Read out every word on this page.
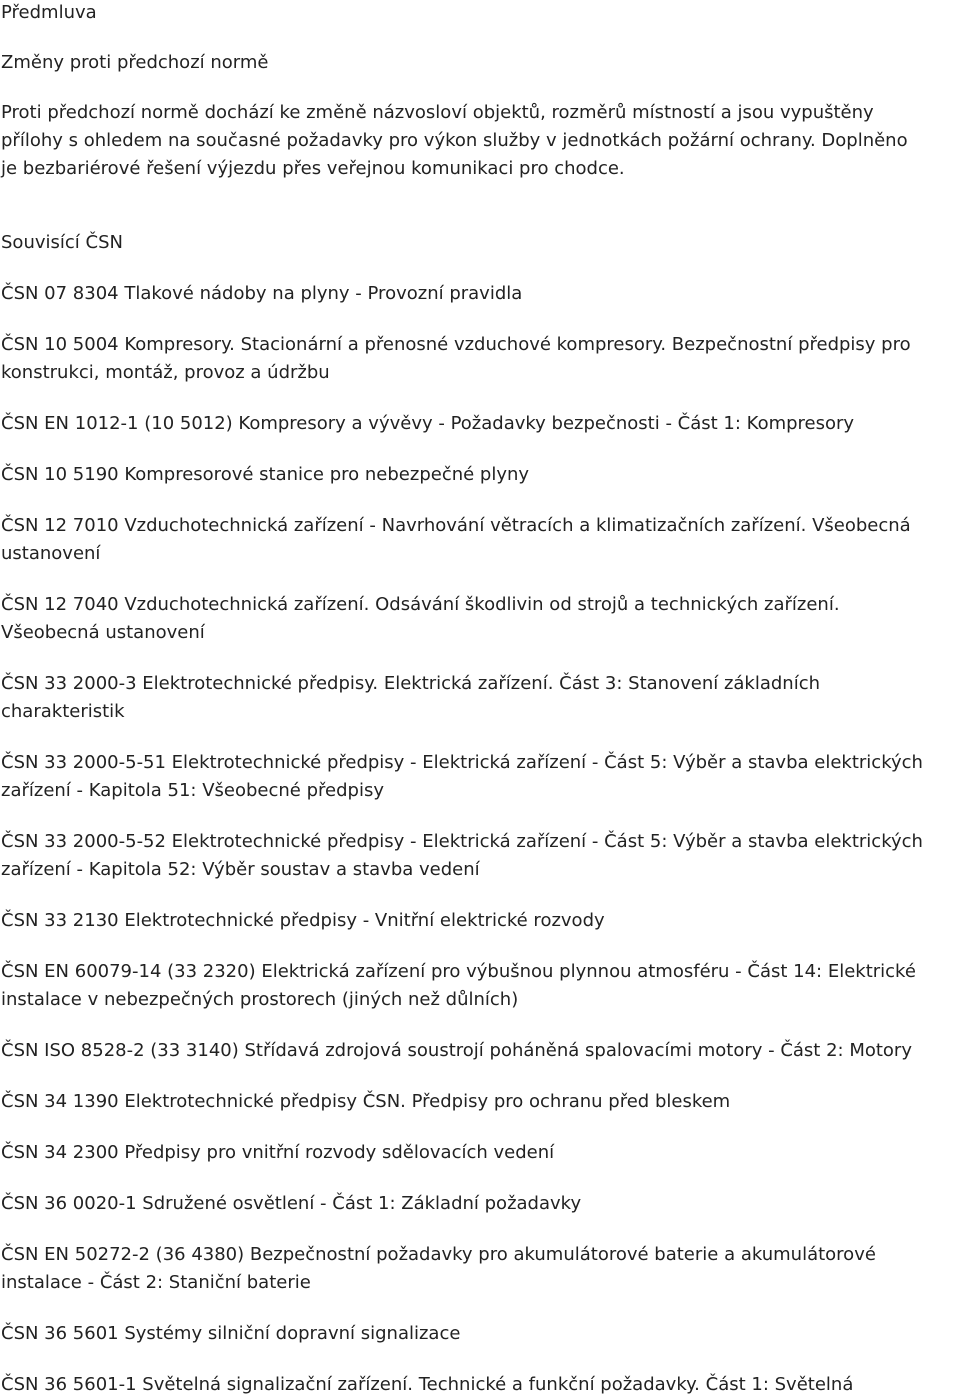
Předmluva
Změny proti předchozí normě
Proti předchozí normě dochází ke změně názvosloví objektů, rozměrů místností a jsou vypuštěny
přílohy s ohledem na současné požadavky pro výkon služby v jednotkách požární ochrany. Doplněno
je bezbariérové řešení výjezdu přes veřejnou komunikaci pro chodce.
Souvisící ČSN
ČSN 07 8304 Tlakové nádoby na plyny - Provozní pravidla
ČSN 10 5004 Kompresory. Stacionární a přenosné vzduchové kompresory. Bezpečnostní předpisy pro
konstrukci, montáž, provoz a údržbu
ČSN EN 1012-1 (10 5012) Kompresory a vývěvy - Požadavky bezpečnosti - Část 1: Kompresory
ČSN 10 5190 Kompresorové stanice pro nebezpečné plyny
ČSN 12 7010 Vzduchotechnická zařízení - Navrhování větracích a klimatizačních zařízení. Všeobecná
ustanovení
ČSN 12 7040 Vzduchotechnická zařízení. Odsávání škodlivin od strojů a technických zařízení.
Všeobecná ustanovení
ČSN 33 2000-3 Elektrotechnické předpisy. Elektrická zařízení. Část 3: Stanovení základních
charakteristik
ČSN 33 2000-5-51 Elektrotechnické předpisy - Elektrická zařízení - Část 5: Výběr a stavba elektrických
zařízení - Kapitola 51: Všeobecné předpisy
ČSN 33 2000-5-52 Elektrotechnické předpisy - Elektrická zařízení - Část 5: Výběr a stavba elektrických
zařízení - Kapitola 52: Výběr soustav a stavba vedení
ČSN 33 2130 Elektrotechnické předpisy - Vnitřní elektrické rozvody
ČSN EN 60079-14 (33 2320) Elektrická zařízení pro výbušnou plynnou atmosféru - Část 14: Elektrické
instalace v nebezpečných prostorech (jiných než důlních)
ČSN ISO 8528-2 (33 3140) Střídavá zdrojová soustrojí poháněná spalovacími motory - Část 2: Motory
ČSN 34 1390 Elektrotechnické předpisy ČSN. Předpisy pro ochranu před bleskem
ČSN 34 2300 Předpisy pro vnitřní rozvody sdělovacích vedení
ČSN 36 0020-1 Sdružené osvětlení - Část 1: Základní požadavky
ČSN EN 50272-2 (36 4380) Bezpečnostní požadavky pro akumulátorové baterie a akumulátorové
instalace - Část 2: Staniční baterie
ČSN 36 5601 Systémy silniční dopravní signalizace
ČSN 36 5601-1 Světelná signalizační zařízení. Technické a funkční požadavky. Část 1: Světelná
